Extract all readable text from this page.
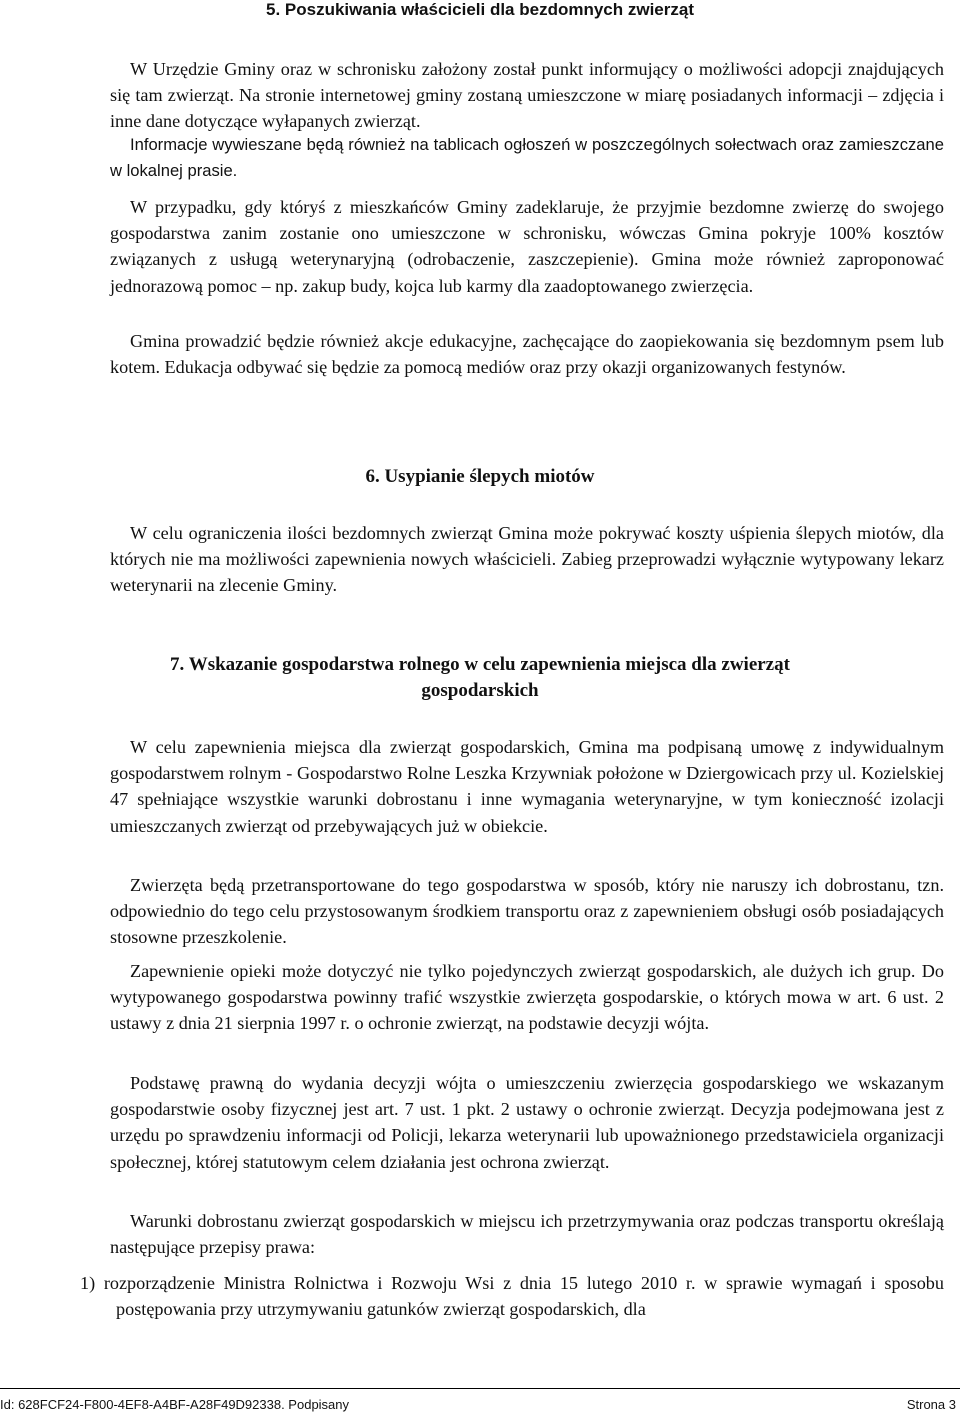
5. Poszukiwania właścicieli dla bezdomnych zwierząt

W Urzędzie Gminy oraz w schronisku założony został punkt informujący o możliwości adopcji znajdujących się tam zwierząt. Na stronie internetowej gminy zostaną umieszczone w miarę posiadanych informacji – zdjęcia i inne dane dotyczące wyłapanych zwierząt.

Informacje wywieszane będą również na tablicach ogłoszeń w poszczególnych sołectwach oraz zamieszczane w lokalnej prasie.

W przypadku, gdy któryś z mieszkańców Gminy zadeklaruje, że przyjmie bezdomne zwierzę do swojego gospodarstwa zanim zostanie ono umieszczone w schronisku, wówczas Gmina pokryje 100% kosztów związanych z usługą weterynaryjną (odrobaczenie, zaszczepienie). Gmina może również zaproponować jednorazową pomoc – np. zakup budy, kojca lub karmy dla zaadoptowanego zwierzęcia.

Gmina prowadzić będzie również akcje edukacyjne, zachęcające do zaopiekowania się bezdomnym psem lub kotem. Edukacja odbywać się będzie za pomocą mediów oraz przy okazji organizowanych festynów.

6. Usypianie ślepych miotów

W celu ograniczenia ilości bezdomnych zwierząt Gmina może pokrywać koszty uśpienia ślepych miotów, dla których nie ma możliwości zapewnienia nowych właścicieli. Zabieg przeprowadzi wyłącznie wytypowany lekarz weterynarii na zlecenie Gminy.

7. Wskazanie gospodarstwa rolnego w celu zapewnienia miejsca dla zwierząt
gospodarskich

W celu zapewnienia miejsca dla zwierząt gospodarskich, Gmina ma podpisaną umowę z indywidualnym gospodarstwem rolnym - Gospodarstwo Rolne Leszka Krzywniak położone w Dziergowicach przy ul. Kozielskiej 47 spełniające wszystkie warunki dobrostanu i inne wymagania weterynaryjne, w tym konieczność izolacji umieszczanych zwierząt od przebywających już w obiekcie.

Zwierzęta będą przetransportowane do tego gospodarstwa w sposób, który nie naruszy ich dobrostanu, tzn. odpowiednio do tego celu przystosowanym środkiem transportu oraz z zapewnieniem obsługi osób posiadających stosowne przeszkolenie.

Zapewnienie opieki może dotyczyć nie tylko pojedynczych zwierząt gospodarskich, ale dużych ich grup. Do wytypowanego gospodarstwa powinny trafić wszystkie zwierzęta gospodarskie, o których mowa w art. 6 ust. 2 ustawy z dnia 21 sierpnia 1997 r. o ochronie zwierząt, na podstawie decyzji wójta.

Podstawę prawną do wydania decyzji wójta o umieszczeniu zwierzęcia gospodarskiego we wskazanym gospodarstwie osoby fizycznej jest art. 7 ust. 1 pkt. 2 ustawy o ochronie zwierząt. Decyzja podejmowana jest z urzędu po sprawdzeniu informacji od Policji, lekarza weterynarii lub upoważnionego przedstawiciela organizacji społecznej, której statutowym celem działania jest ochrona zwierząt.

Warunki dobrostanu zwierząt gospodarskich w miejscu ich przetrzymywania oraz podczas transportu określają następujące przepisy prawa:

1) rozporządzenie Ministra Rolnictwa i Rozwoju Wsi z dnia 15 lutego 2010 r. w sprawie wymagań i sposobu postępowania przy utrzymywaniu gatunków zwierząt gospodarskich, dla
Id: 628FCF24-F800-4EF8-A4BF-A28F49D92338. Podpisany	Strona 3
